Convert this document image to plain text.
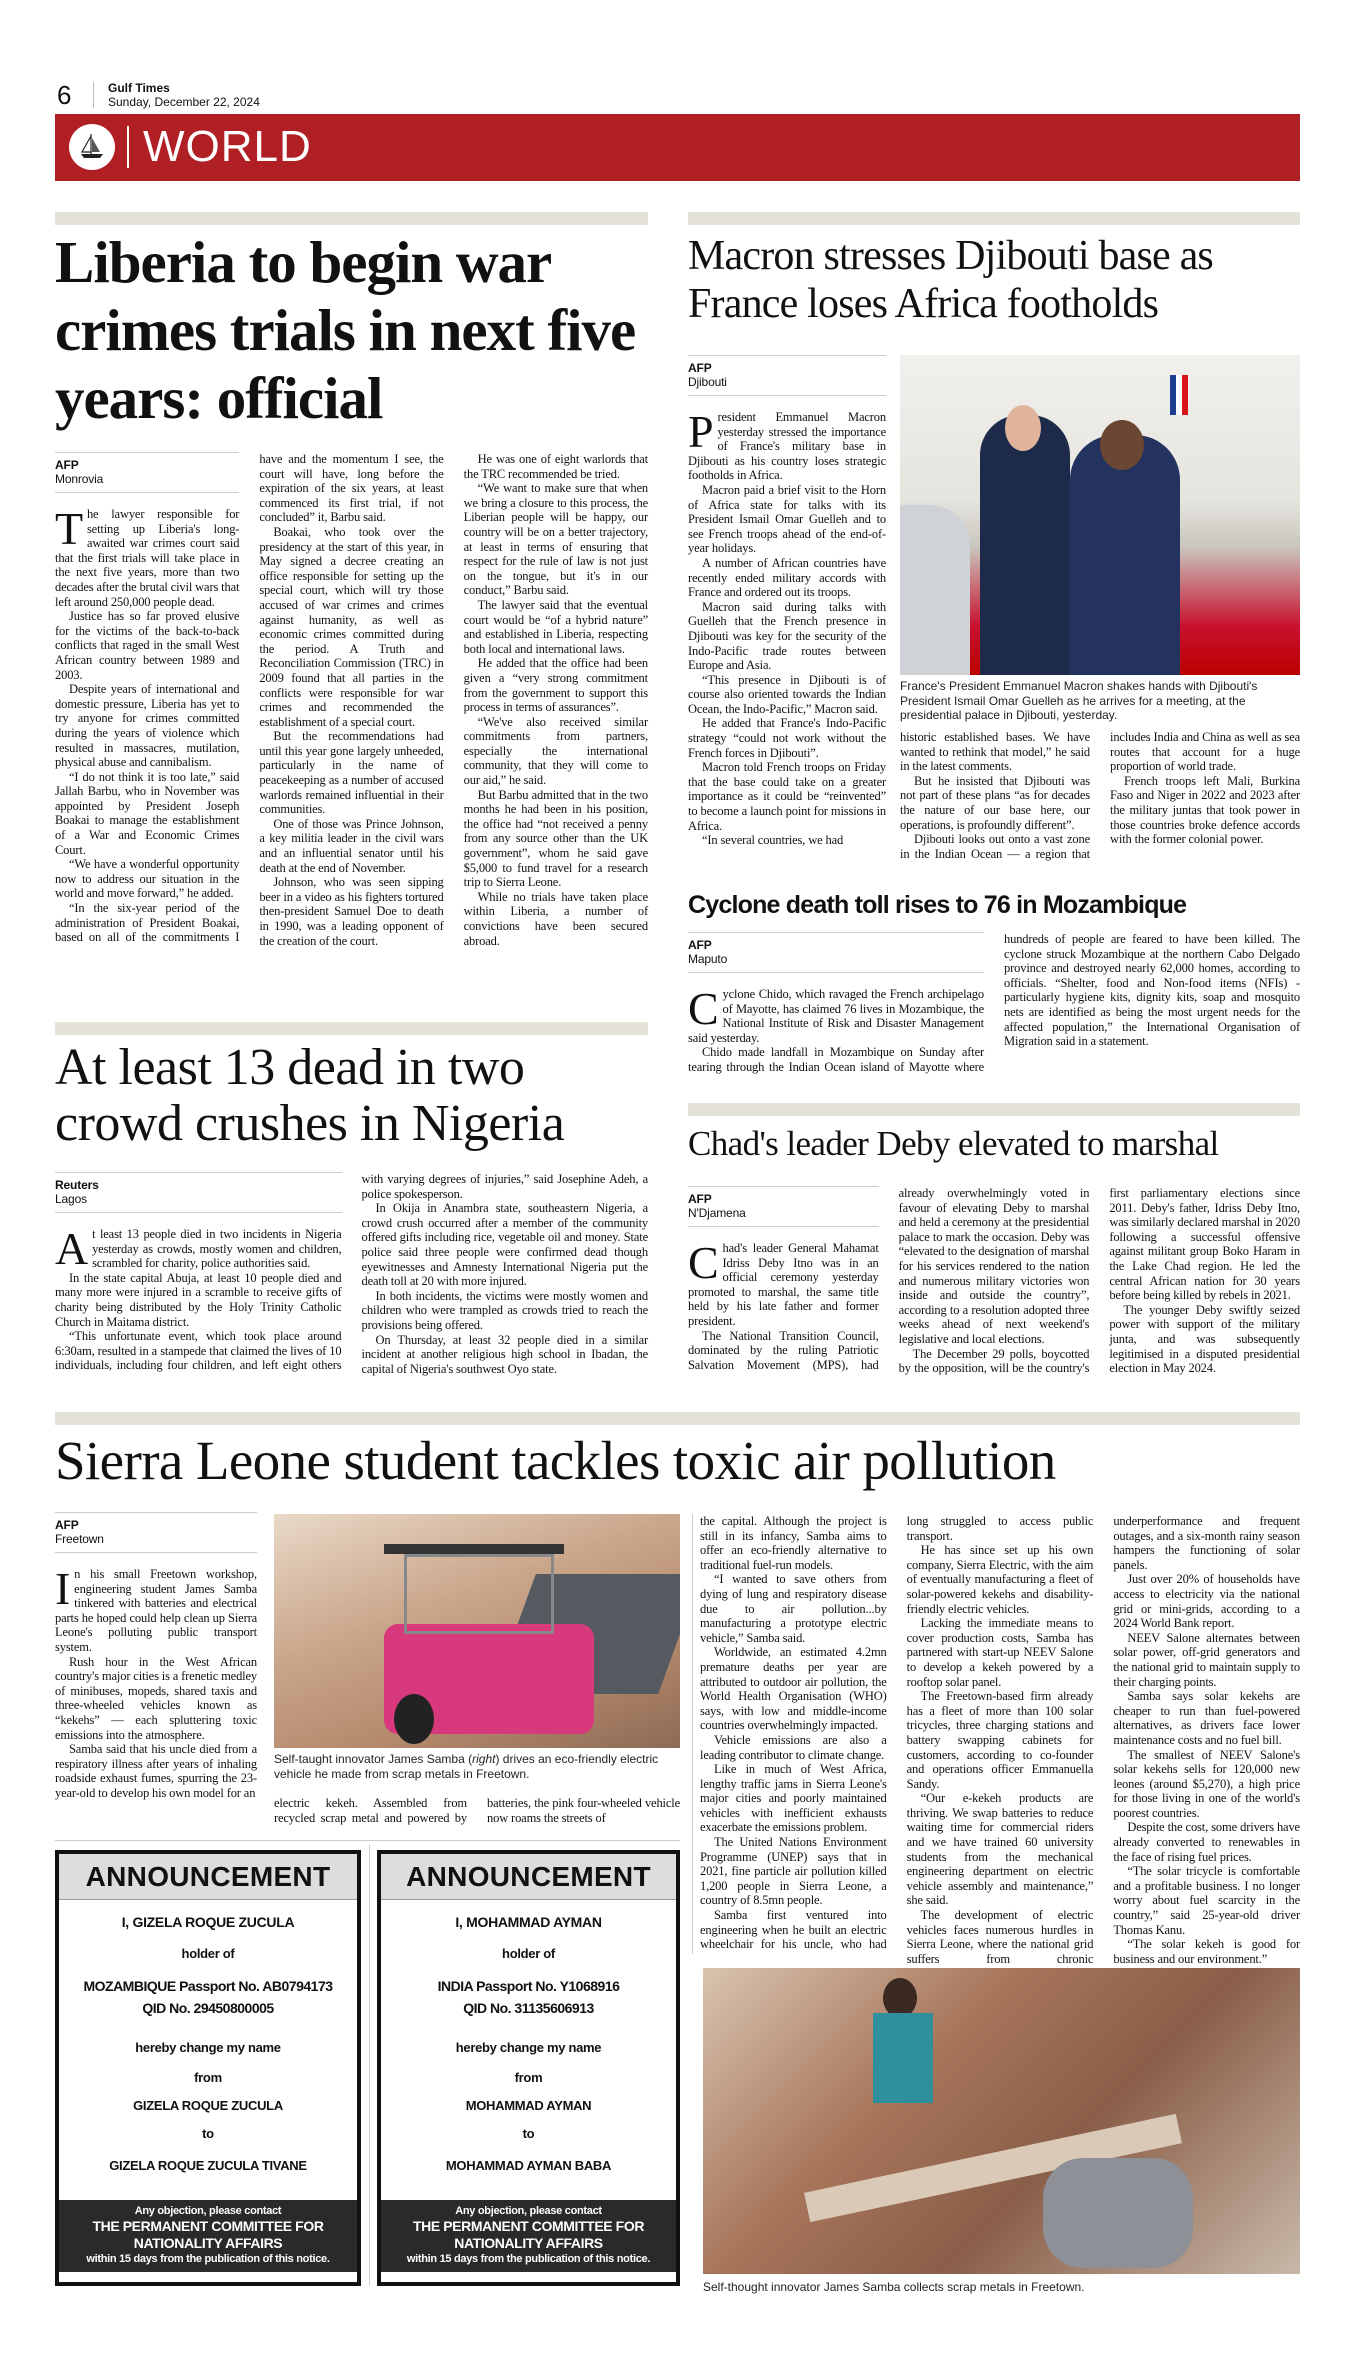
6	Gulf Times
Sunday, December 22, 2024
WORLD
Liberia to begin war crimes trials in next five years: official
AFP
Monrovia

The lawyer responsible for setting up Liberia's long-awaited war crimes court said that the first trials will take place in the next five years, more than two decades after the brutal civil wars that left around 250,000 people dead.

Justice has so far proved elusive for the victims of the back-to-back conflicts that raged in the small West African country between 1989 and 2003.

Despite years of international and domestic pressure, Liberia has yet to try anyone for crimes committed during the years of violence which resulted in massacres, mutilation, physical abuse and cannibalism.

“I do not think it is too late,” said Jallah Barbu, who in November was appointed by President Joseph Boakai to manage the establishment of a War and Economic Crimes Court.

“We have a wonderful opportunity now to address our situation in the world and move forward,” he added.

“In the six-year period of the administration of President Boakai, based on all of the commitments I have and the momentum I see, the court will have, long before the expiration of the six years, at least commenced its first trial, if not concluded” it, Barbu said.

Boakai, who took over the presidency at the start of this year, in May signed a decree creating an office responsible for setting up the special court, which will try those accused of war crimes and crimes against humanity, as well as economic crimes committed during the period. A Truth and Reconciliation Commission (TRC) in 2009 found that all parties in the conflicts were responsible for war crimes and recommended the establishment of a special court.

But the recommendations had until this year gone largely unheeded, particularly in the name of peacekeeping as a number of accused warlords remained influential in their communities.

One of those was Prince Johnson, a key militia leader in the civil wars and an influential senator until his death at the end of November.

Johnson, who was seen sipping beer in a video as his fighters tortured then-president Samuel Doe to death in 1990, was a leading opponent of the creation of the court.

He was one of eight warlords that the TRC recommended be tried.

“We want to make sure that when we bring a closure to this process, the Liberian people will be happy, our country will be on a better trajectory, at least in terms of ensuring that respect for the rule of law is not just on the tongue, but it's in our conduct,” Barbu said.

The lawyer said that the eventual court would be “of a hybrid nature” and established in Liberia, respecting both local and international laws.

He added that the office had been given a “very strong commitment from the government to support this process in terms of assurances”.

“We've also received similar commitments from partners, especially the international community, that they will come to our aid,” he said.

But Barbu admitted that in the two months he had been in his position, the office had “not received a penny from any source other than the UK government”, whom he said gave $5,000 to fund travel for a research trip to Sierra Leone.

While no trials have taken place within Liberia, a number of convictions have been secured abroad.

At least 13 dead in two crowd crushes in Nigeria
Reuters
Lagos

At least 13 people died in two incidents in Nigeria yesterday as crowds, mostly women and children, scrambled for charity, police authorities said.

In the state capital Abuja, at least 10 people died and many more were injured in a scramble to receive gifts of charity being distributed by the Holy Trinity Catholic Church in Maitama district.

“This unfortunate event, which took place around 6:30am, resulted in a stampede that claimed the lives of 10 individuals, including four children, and left eight others with varying degrees of injuries,” said Josephine Adeh, a police spokesperson.

In Okija in Anambra state, southeastern Nigeria, a crowd crush occurred after a member of the community offered gifts including rice, vegetable oil and money. State police said three people were confirmed dead though eyewitnesses and Amnesty International Nigeria put the death toll at 20 with more injured.

In both incidents, the victims were mostly women and children who were trampled as crowds tried to reach the provisions being offered.

On Thursday, at least 32 people died in a similar incident at another religious high school in Ibadan, the capital of Nigeria's southwest Oyo state.

Macron stresses Djibouti base as France loses Africa footholds
AFP
Djibouti

President Emmanuel Macron yesterday stressed the importance of France's military base in Djibouti as his country loses strategic footholds in Africa.

Macron paid a brief visit to the Horn of Africa state for talks with its President Ismail Omar Guelleh and to see French troops ahead of the end-of-year holidays.

A number of African countries have recently ended military accords with France and ordered out its troops.

Macron said during talks with Guelleh that the French presence in Djibouti was key for the security of the Indo-Pacific trade routes between Europe and Asia.

“This presence in Djibouti is of course also oriented towards the Indian Ocean, the Indo-Pacific,” Macron said.

He added that France's Indo-Pacific strategy “could not work without the French forces in Djibouti”.

Macron told French troops on Friday that the base could take on a greater importance as it could be “reinvented” to become a launch point for missions in Africa.

“In several countries, we had

France's President Emmanuel Macron shakes hands with Djibouti's President Ismail Omar Guelleh as he arrives for a meeting, at the presidential palace in Djibouti, yesterday.

historic established bases. We have wanted to rethink that model,” he said in the latest comments.

But he insisted that Djibouti was not part of these plans “as for decades the nature of our base here, our operations, is profoundly different”.

Djibouti looks out onto a vast zone in the Indian Ocean — a region that includes India and China as well as sea routes that account for a huge proportion of world trade.

French troops left Mali, Burkina Faso and Niger in 2022 and 2023 after the military juntas that took power in those countries broke defence accords with the former colonial power.

Cyclone death toll rises to 76 in Mozambique
AFP
Maputo

Cyclone Chido, which ravaged the French archipelago of Mayotte, has claimed 76 lives in Mozambique, the National Institute of Risk and Disaster Management said yesterday.

Chido made landfall in Mozambique on Sunday after tearing through the Indian Ocean island of Mayotte where hundreds of people are feared to have been killed. The cyclone struck Mozambique at the northern Cabo Delgado province and destroyed nearly 62,000 homes, according to officials. “Shelter, food and Non-food items (NFIs) - particularly hygiene kits, dignity kits, soap and mosquito nets are identified as being the most urgent needs for the affected population,” the International Organisation of Migration said in a statement.

Chad's leader Deby elevated to marshal
AFP
N'Djamena

Chad's leader General Mahamat Idriss Deby Itno was in an official ceremony yesterday promoted to marshal, the same title held by his late father and former president.

The National Transition Council, dominated by the ruling Patriotic Salvation Movement (MPS), had already overwhelmingly voted in favour of elevating Deby to marshal and held a ceremony at the presidential palace to mark the occasion. Deby was “elevated to the designation of marshal for his services rendered to the nation and numerous military victories won inside and outside the country”, according to a resolution adopted three weeks ahead of next weekend's legislative and local elections.

The December 29 polls, boycotted by the opposition, will be the country's first parliamentary elections since 2011. Deby's father, Idriss Deby Itno, was similarly declared marshal in 2020 following a successful offensive against militant group Boko Haram in the Lake Chad region. He led the central African nation for 30 years before being killed by rebels in 2021.

The younger Deby swiftly seized power with support of the military junta, and was subsequently legitimised in a disputed presidential election in May 2024.

Sierra Leone student tackles toxic air pollution
AFP
Freetown

In his small Freetown workshop, engineering student James Samba tinkered with batteries and electrical parts he hoped could help clean up Sierra Leone's polluting public transport system.

Rush hour in the West African country's major cities is a frenetic medley of minibuses, mopeds, shared taxis and three-wheeled vehicles known as “kekehs” — each spluttering toxic emissions into the atmosphere.

Samba said that his uncle died from a respiratory illness after years of inhaling roadside exhaust fumes, spurring the 23-year-old to develop his own model for an

Self-taught innovator James Samba (right) drives an eco-friendly electric vehicle he made from scrap metals in Freetown.

electric kekeh. Assembled from recycled scrap metal and powered by batteries, the pink four-wheeled vehicle now roams the streets of

the capital. Although the project is still in its infancy, Samba aims to offer an eco-friendly alternative to traditional fuel-run models.

“I wanted to save others from dying of lung and respiratory disease due to air pollution...by manufacturing a prototype electric vehicle,” Samba said.

Worldwide, an estimated 4.2mn premature deaths per year are attributed to outdoor air pollution, the World Health Organisation (WHO) says, with low and middle-income countries overwhelmingly impacted.

Vehicle emissions are also a leading contributor to climate change.

Like in much of West Africa, lengthy traffic jams in Sierra Leone's major cities and poorly maintained vehicles with inefficient exhausts exacerbate the emissions problem.

The United Nations Environment Programme (UNEP) says that in 2021, fine particle air pollution killed 1,200 people in Sierra Leone, a country of 8.5mn people.

Samba first ventured into engineering when he built an electric wheelchair for his uncle, who had long struggled to access public transport.

He has since set up his own company, Sierra Electric, with the aim of eventually manufacturing a fleet of solar-powered kekehs and disability-friendly electric vehicles.

Lacking the immediate means to cover production costs, Samba has partnered with start-up NEEV Salone to develop a kekeh powered by a rooftop solar panel.

The Freetown-based firm already has a fleet of more than 100 solar tricycles, three charging stations and battery swapping cabinets for customers, according to co-founder and operations officer Emmanuella Sandy.

“Our e-kekeh products are thriving. We swap batteries to reduce waiting time for commercial riders and we have trained 60 university students from the mechanical engineering department on electric vehicle assembly and maintenance,” she said.

The development of electric vehicles faces numerous hurdles in Sierra Leone, where the national grid suffers from chronic underperformance and frequent outages, and a six-month rainy season hampers the functioning of solar panels.

Just over 20% of households have access to electricity via the national grid or mini-grids, according to a 2024 World Bank report.

NEEV Salone alternates between solar power, off-grid generators and the national grid to maintain supply to their charging points.

Samba says solar kekehs are cheaper to run than fuel-powered alternatives, as drivers face lower maintenance costs and no fuel bill.

The smallest of NEEV Salone's solar kekehs sells for 120,000 new leones (around $5,270), a high price for those living in one of the world's poorest countries.

Despite the cost, some drivers have already converted to renewables in the face of rising fuel prices.

“The solar tricycle is comfortable and a profitable business. I no longer worry about fuel scarcity in the country,” said 25-year-old driver Thomas Kanu.

“The solar kekeh is good for business and our environment.”

Self-thought innovator James Samba collects scrap metals in Freetown.
ANNOUNCEMENT
I, GIZELA ROQUE ZUCULA
holder of
MOZAMBIQUE Passport No. AB0794173
QID No. 29450800005
hereby change my name
from
GIZELA ROQUE ZUCULA
to
GIZELA ROQUE ZUCULA TIVANE
Any objection, please contact
THE PERMANENT COMMITTEE FOR
NATIONALITY AFFAIRS
within 15 days from the publication of this notice.
ANNOUNCEMENT
I, MOHAMMAD AYMAN
holder of
INDIA Passport No. Y1068916
QID No. 31135606913
hereby change my name
from
MOHAMMAD AYMAN
to
MOHAMMAD AYMAN BABA
Any objection, please contact
THE PERMANENT COMMITTEE FOR
NATIONALITY AFFAIRS
within 15 days from the publication of this notice.
